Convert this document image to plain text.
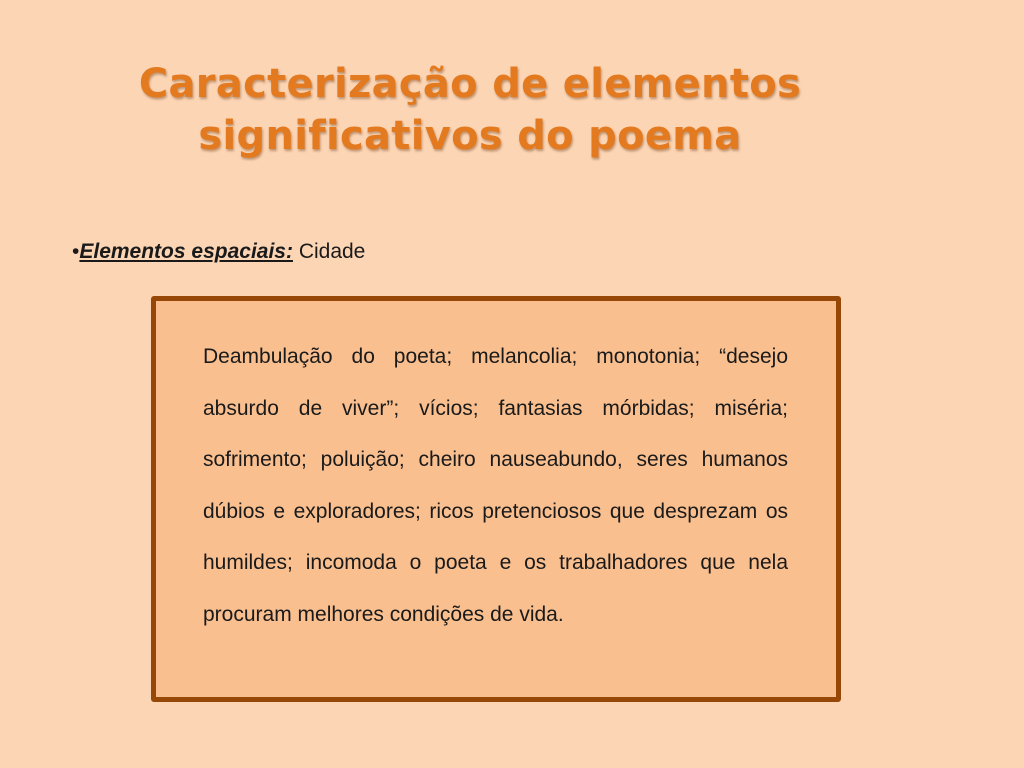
Caracterização de elementos
significativos do poema
•Elementos espaciais: Cidade
Deambulação do poeta; melancolia; monotonia; “desejo absurdo de viver”; vícios; fantasias mórbidas; miséria; sofrimento; poluição; cheiro nauseabundo, seres humanos dúbios e exploradores; ricos pretenciosos que desprezam os humildes; incomoda o poeta e os trabalhadores que nela procuram melhores condições de vida.
